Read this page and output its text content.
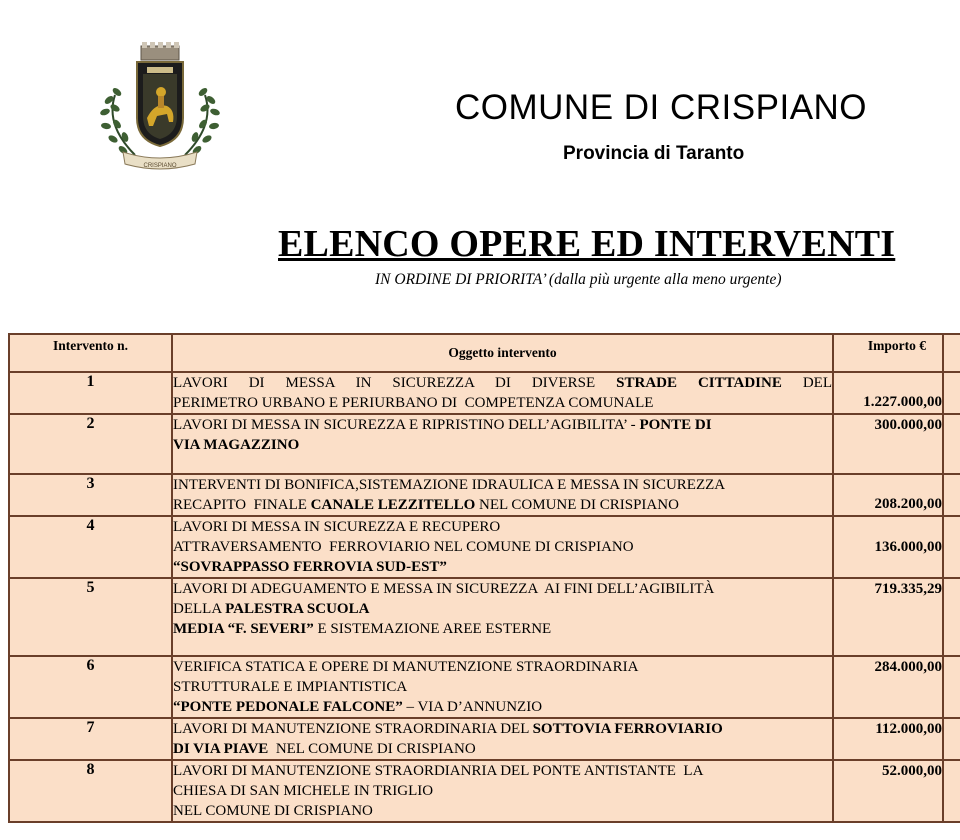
CRISPIANO
COMUNE DI CRISPIANO
Provincia di Taranto
ELENCO OPERE ED INTERVENTI
IN ORDINE DI PRIORITA’ (dalla più urgente alla meno urgente)
Intervento n.	Oggetto intervento	Importo €	
1	LAVORI DI MESSA IN SICUREZZA DI DIVERSE STRADE CITTADINE DEL
PERIMETRO URBANO E PERIURBANO DI  COMPETENZA COMUNALE	1.227.000,00	
2	LAVORI DI MESSA IN SICUREZZA E RIPRISTINO DELL’AGIBILITA’ - PONTE DI
VIA MAGAZZINO	300.000,00	
3	INTERVENTI DI BONIFICA,SISTEMAZIONE IDRAULICA E MESSA IN SICUREZZA
RECAPITO  FINALE CANALE LEZZITELLO NEL COMUNE DI CRISPIANO	208.200,00	
4	LAVORI DI MESSA IN SICUREZZA E RECUPERO
ATTRAVERSAMENTO  FERROVIARIO NEL COMUNE DI CRISPIANO
“SOVRAPPASSO FERROVIA SUD-EST”	136.000,00	
5	LAVORI DI ADEGUAMENTO E MESSA IN SICUREZZA  AI FINI DELL’AGIBILITÀ
DELLA PALESTRA SCUOLA
MEDIA “F. SEVERI” E SISTEMAZIONE AREE ESTERNE	719.335,29	
6	VERIFICA STATICA E OPERE DI MANUTENZIONE STRAORDINARIA
STRUTTURALE E IMPIANTISTICA
“PONTE PEDONALE FALCONE” – VIA D’ANNUNZIO	284.000,00	
7	LAVORI DI MANUTENZIONE STRAORDINARIA DEL SOTTOVIA FERROVIARIO
DI VIA PIAVE  NEL COMUNE DI CRISPIANO	112.000,00	
8	LAVORI DI MANUTENZIONE STRAORDIANRIA DEL PONTE ANTISTANTE  LA
CHIESA DI SAN MICHELE IN TRIGLIO
NEL COMUNE DI CRISPIANO	52.000,00	
